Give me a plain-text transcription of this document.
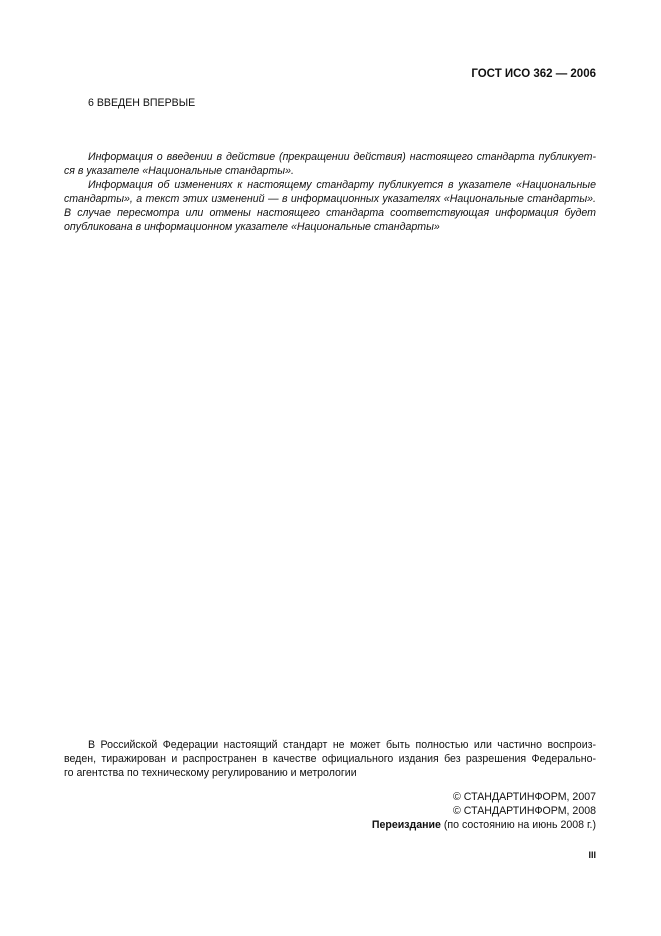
ГОСТ ИСО 362 — 2006
6 ВВЕДЕН ВПЕРВЫЕ
Информация о введении в действие (прекращении действия) настоящего стандарта публикует-
ся в указателе «Национальные стандарты».
Информация об изменениях к настоящему стандарту публикуется в указателе «Национальные
стандарты», а текст этих изменений — в информационных указателях «Национальные стандарты».
В случае пересмотра или отмены настоящего стандарта соответствующая информация будет
опубликована в информационном указателе «Национальные стандарты»
В Российской Федерации настоящий стандарт не может быть полностью или частично воспроиз-
веден, тиражирован и распространен в качестве официального издания без разрешения Федерально-
го агентства по техническому регулированию и метрологии
© СТАНДАРТИНФОРМ, 2007
© СТАНДАРТИНФОРМ, 2008
Переиздание (по состоянию на июнь 2008 г.)
III
